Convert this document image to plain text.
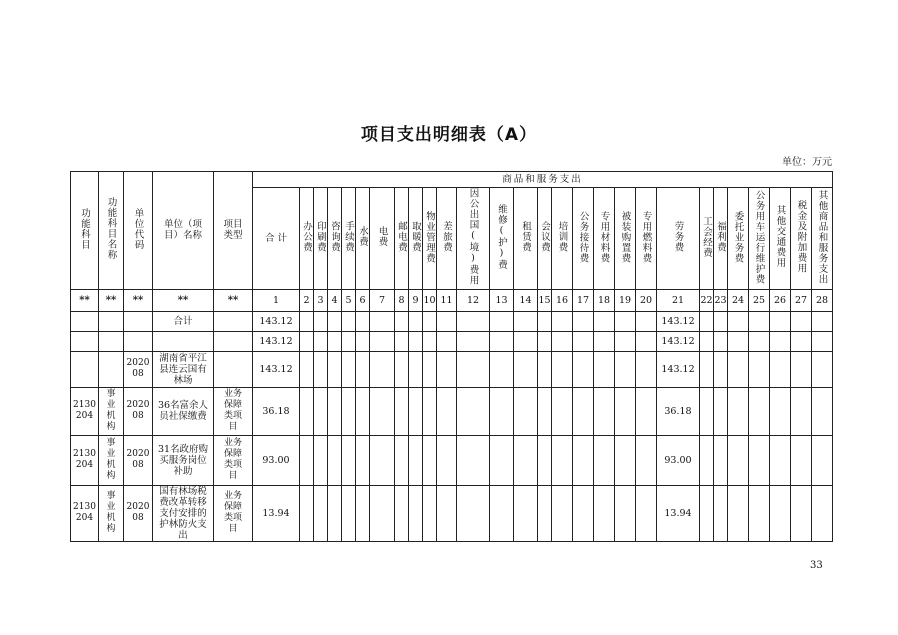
项目支出明细表（A）
单位：万元
功能科目	功能科目名称	单位代码	单位（项目）名称	项目类型	商品和服务支出																											
					合 计	办公费	印刷费	咨询费	手续费	水费	电费	邮电费	取暖费	物业管理费	差旅费	因公出国(境)费用	维修(护)费	租赁费	会议费	培训费	公务接待费	专用材料费	被装购置费	专用燃料费	劳务费	工会经费	福利费	委托业务费	公务用车运行维护费	其他交通费用	税金及附加费用	其他商品和服务支出
**	**	**	**	**	1	2	3	4	5	6	7	8	9	10	11	12	13	14	15	16	17	18	19	20	21	22	23	24	25	26	27	28
			合计		143.12																				143.12							
					143.12																				143.12							
		202008	湖南省平江县连云国有林场		143.12																				143.12							
2130204	事业机构	202008	36名富余人员社保缴费	业务保障类项目	36.18																				36.18							
2130204	事业机构	202008	31名政府购买服务岗位补助	业务保障类项目	93.00																				93.00							
2130204	事业机构	202008	国有林场税费改革转移支付安排的护林防火支出	业务保障类项目	13.94																				13.94							
33
